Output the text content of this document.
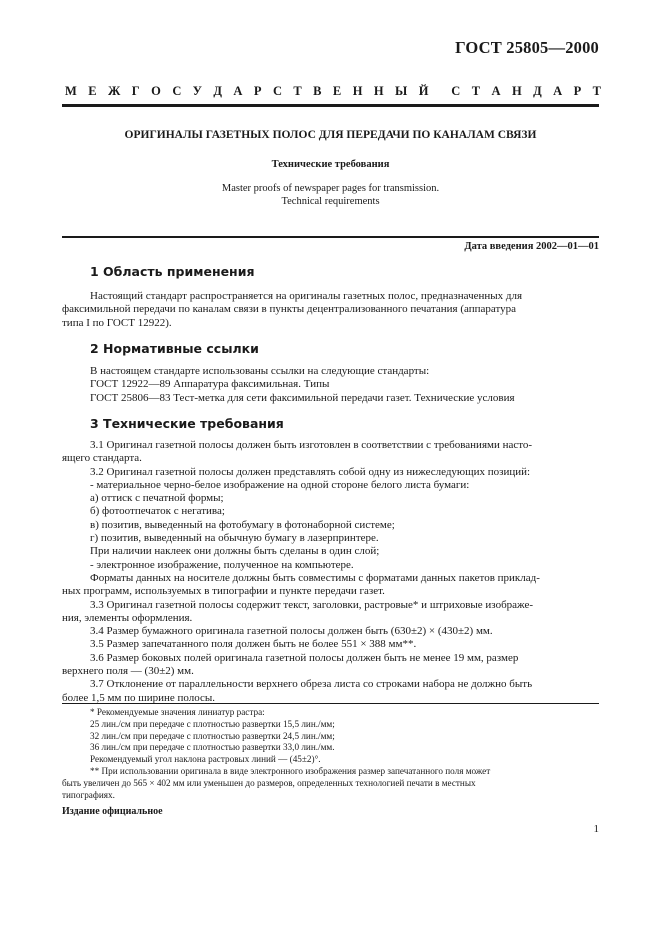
ГОСТ 25805—2000
М Е Ж Г О С У Д А Р С Т В Е Н Н Ы Й С Т А Н Д А Р Т
ОРИГИНАЛЫ ГАЗЕТНЫХ ПОЛОС ДЛЯ ПЕРЕДАЧИ ПО КАНАЛАМ СВЯЗИ
Технические требования
Master proofs of newspaper pages for transmission.
Technical requirements
Дата введения 2002—01—01
1 Область применения
Настоящий стандарт распространяется на оригиналы газетных полос, предназначенных для
факсимильной передачи по каналам связи в пункты децентрализованного печатания (аппаратура
типа I по ГОСТ 12922).
2 Нормативные ссылки
В настоящем стандарте использованы ссылки на следующие стандарты:
ГОСТ 12922—89 Аппаратура факсимильная. Типы
ГОСТ 25806—83 Тест-метка для сети факсимильной передачи газет. Технические условия
3 Технические требования
3.1 Оригинал газетной полосы должен быть изготовлен в соответствии с требованиями насто-
ящего стандарта.
3.2 Оригинал газетной полосы должен представлять собой одну из нижеследующих позиций:
- материальное черно-белое изображение на одной стороне белого листа бумаги:
а) оттиск с печатной формы;
б) фотоотпечаток с негатива;
в) позитив, выведенный на фотобумагу в фотонаборной системе;
г) позитив, выведенный на обычную бумагу в лазерпринтере.
При наличии наклеек они должны быть сделаны в один слой;
- электронное изображение, полученное на компьютере.
Форматы данных на носителе должны быть совместимы с форматами данных пакетов приклад-
ных программ, используемых в типографии и пункте передачи газет.
3.3 Оригинал газетной полосы содержит текст, заголовки, растровые* и штриховые изображе-
ния, элементы оформления.
3.4 Размер бумажного оригинала газетной полосы должен быть (630±2) × (430±2) мм.
3.5 Размер запечатанного поля должен быть не более 551 × 388 мм**.
3.6 Размер боковых полей оригинала газетной полосы должен быть не менее 19 мм, размер
верхнего поля — (30±2) мм.
3.7 Отклонение от параллельности верхнего обреза листа со строками набора не должно быть
более 1,5 мм по ширине полосы.
* Рекомендуемые значения линиатур растра:
25 лин./см при передаче с плотностью развертки 15,5 лин./мм;
32 лин./см при передаче с плотностью развертки 24,5 лин./мм;
36 лин./см при передаче с плотностью развертки 33,0 лин./мм.
Рекомендуемый угол наклона растровых линий — (45±2)°.
** При использовании оригинала в виде электронного изображения размер запечатанного поля может
быть увеличен до 565 × 402 мм или уменьшен до размеров, определенных технологией печати в местных
типографиях.
Издание официальное
1
